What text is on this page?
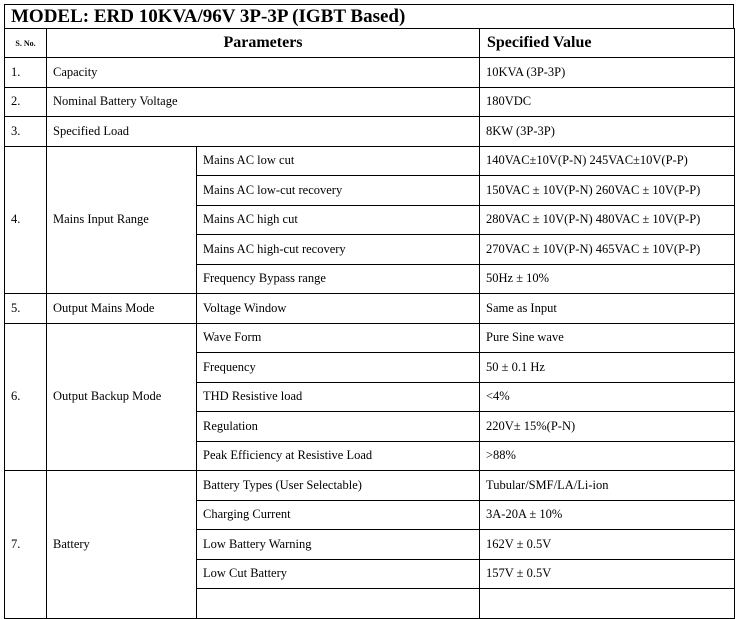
MODEL: ERD 10KVA/96V 3P-3P (IGBT Based)
S. No.	Parameters		Specified Value
1.	Capacity		10KVA (3P-3P)
2.	Nominal Battery Voltage		180VDC
3.	Specified Load		8KW (3P-3P)
4.	Mains Input Range	Mains AC low cut	140VAC±10V(P-N) 245VAC±10V(P-P)
		Mains AC low-cut recovery	150VAC ± 10V(P-N) 260VAC ± 10V(P-P)
		Mains AC high cut	280VAC ± 10V(P-N) 480VAC ± 10V(P-P)
		Mains AC high-cut recovery	270VAC ± 10V(P-N) 465VAC ± 10V(P-P)
		Frequency Bypass range	50Hz ± 10%
5.	Output Mains Mode	Voltage Window	Same as Input
6.	Output Backup Mode	Wave Form	Pure Sine wave
		Frequency	50 ± 0.1 Hz
		THD Resistive load	<4%
		Regulation	220V± 15%(P-N)
		Peak Efficiency at Resistive Load	>88%
7.	Battery	Battery Types (User Selectable)	Tubular/SMF/LA/Li-ion
		Charging Current	3A-20A ± 10%
		Low Battery Warning	162V ± 0.5V
		Low Cut Battery	157V ± 0.5V
